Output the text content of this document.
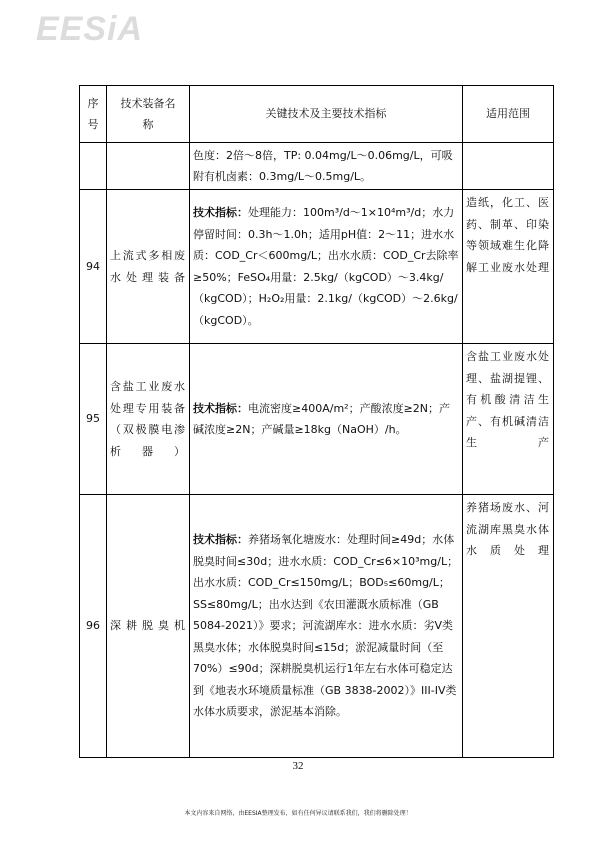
EESiA
序号	技术装备名称	关键技术及主要技术指标	适用范围
		色度：2倍～8倍，TP: 0.04mg/L～0.06mg/L，可吸附有机卤素：0.3mg/L～0.5mg/L。	
94	上流式多相废水处理装备	技术指标：处理能力：100m³/d～1×10⁴m³/d；水力停留时间：0.3h～1.0h；适用pH值：2～11；进水水质：COD_Cr＜600mg/L；出水水质：COD_Cr去除率≥50%；FeSO₄用量：2.5kg/（kgCOD）～3.4kg/（kgCOD）；H₂O₂用量：2.1kg/（kgCOD）～2.6kg/（kgCOD）。	造纸，化工、医药、制革、印染等领域难生化降解工业废水处理
95	含盐工业废水处理专用装备（双极膜电渗析器）	技术指标：电流密度≥400A/m²；产酸浓度≥2N；产碱浓度≥2N；产碱量≥18kg（NaOH）/h。	含盐工业废水处理、盐湖提锂、有机酸清洁生产、有机碱清洁生产
96	深耕脱臭机	技术指标：养猪场氧化塘废水：处理时间≥49d；水体脱臭时间≤30d；进水水质：COD_Cr≤6×10³mg/L；出水水质：COD_Cr≤150mg/L；BOD₅≤60mg/L；SS≤80mg/L；出水达到《农田灌溉水质标准（GB 5084-2021）》要求；河流湖库水：进水水质：劣Ⅴ类黑臭水体；水体脱臭时间≤15d；淤泥减量时间（至70%）≤90d；深耕脱臭机运行1年左右水体可稳定达到《地表水环境质量标准（GB 3838-2002）》III-IV类水体水质要求，淤泥基本消除。	养猪场废水、河流湖库黑臭水体水质处理
32
本文内容来自网络，由EESIA整理发布，如有任何异议请联系我们，我们将删除处理！
